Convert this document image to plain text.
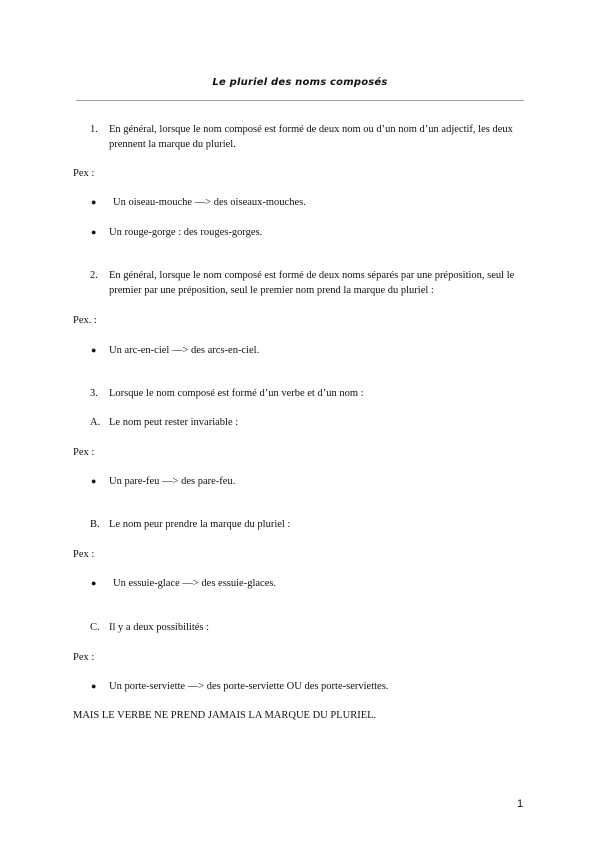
Le pluriel des noms composés
1. En général, lorsque le nom composé est formé de deux nom ou d’un nom d’un adjectif, les deux prennent la marque du pluriel.
Pex :
● Un oiseau-mouche —> des oiseaux-mouches.
● Un rouge-gorge : des rouges-gorges.
2. En général, lorsque le nom composé est formé de deux noms séparés par une préposition, seul le premier par une préposition, seul le premier nom prend la marque du pluriel :
Pex. :
● Un arc-en-ciel —> des arcs-en-ciel.
3. Lorsque le nom composé est formé d’un verbe et d’un nom :
A. Le nom peut rester invariable :
Pex :
● Un pare-feu —> des pare-feu.
B. Le nom peur prendre la marque du pluriel :
Pex :
● Un essuie-glace —> des essuie-glaces.
C. Il y a deux possibilités :
Pex :
● Un porte-serviette —> des porte-serviette OU des porte-serviettes.
MAIS LE VERBE NE PREND JAMAIS LA MARQUE DU PLURIEL.
1
